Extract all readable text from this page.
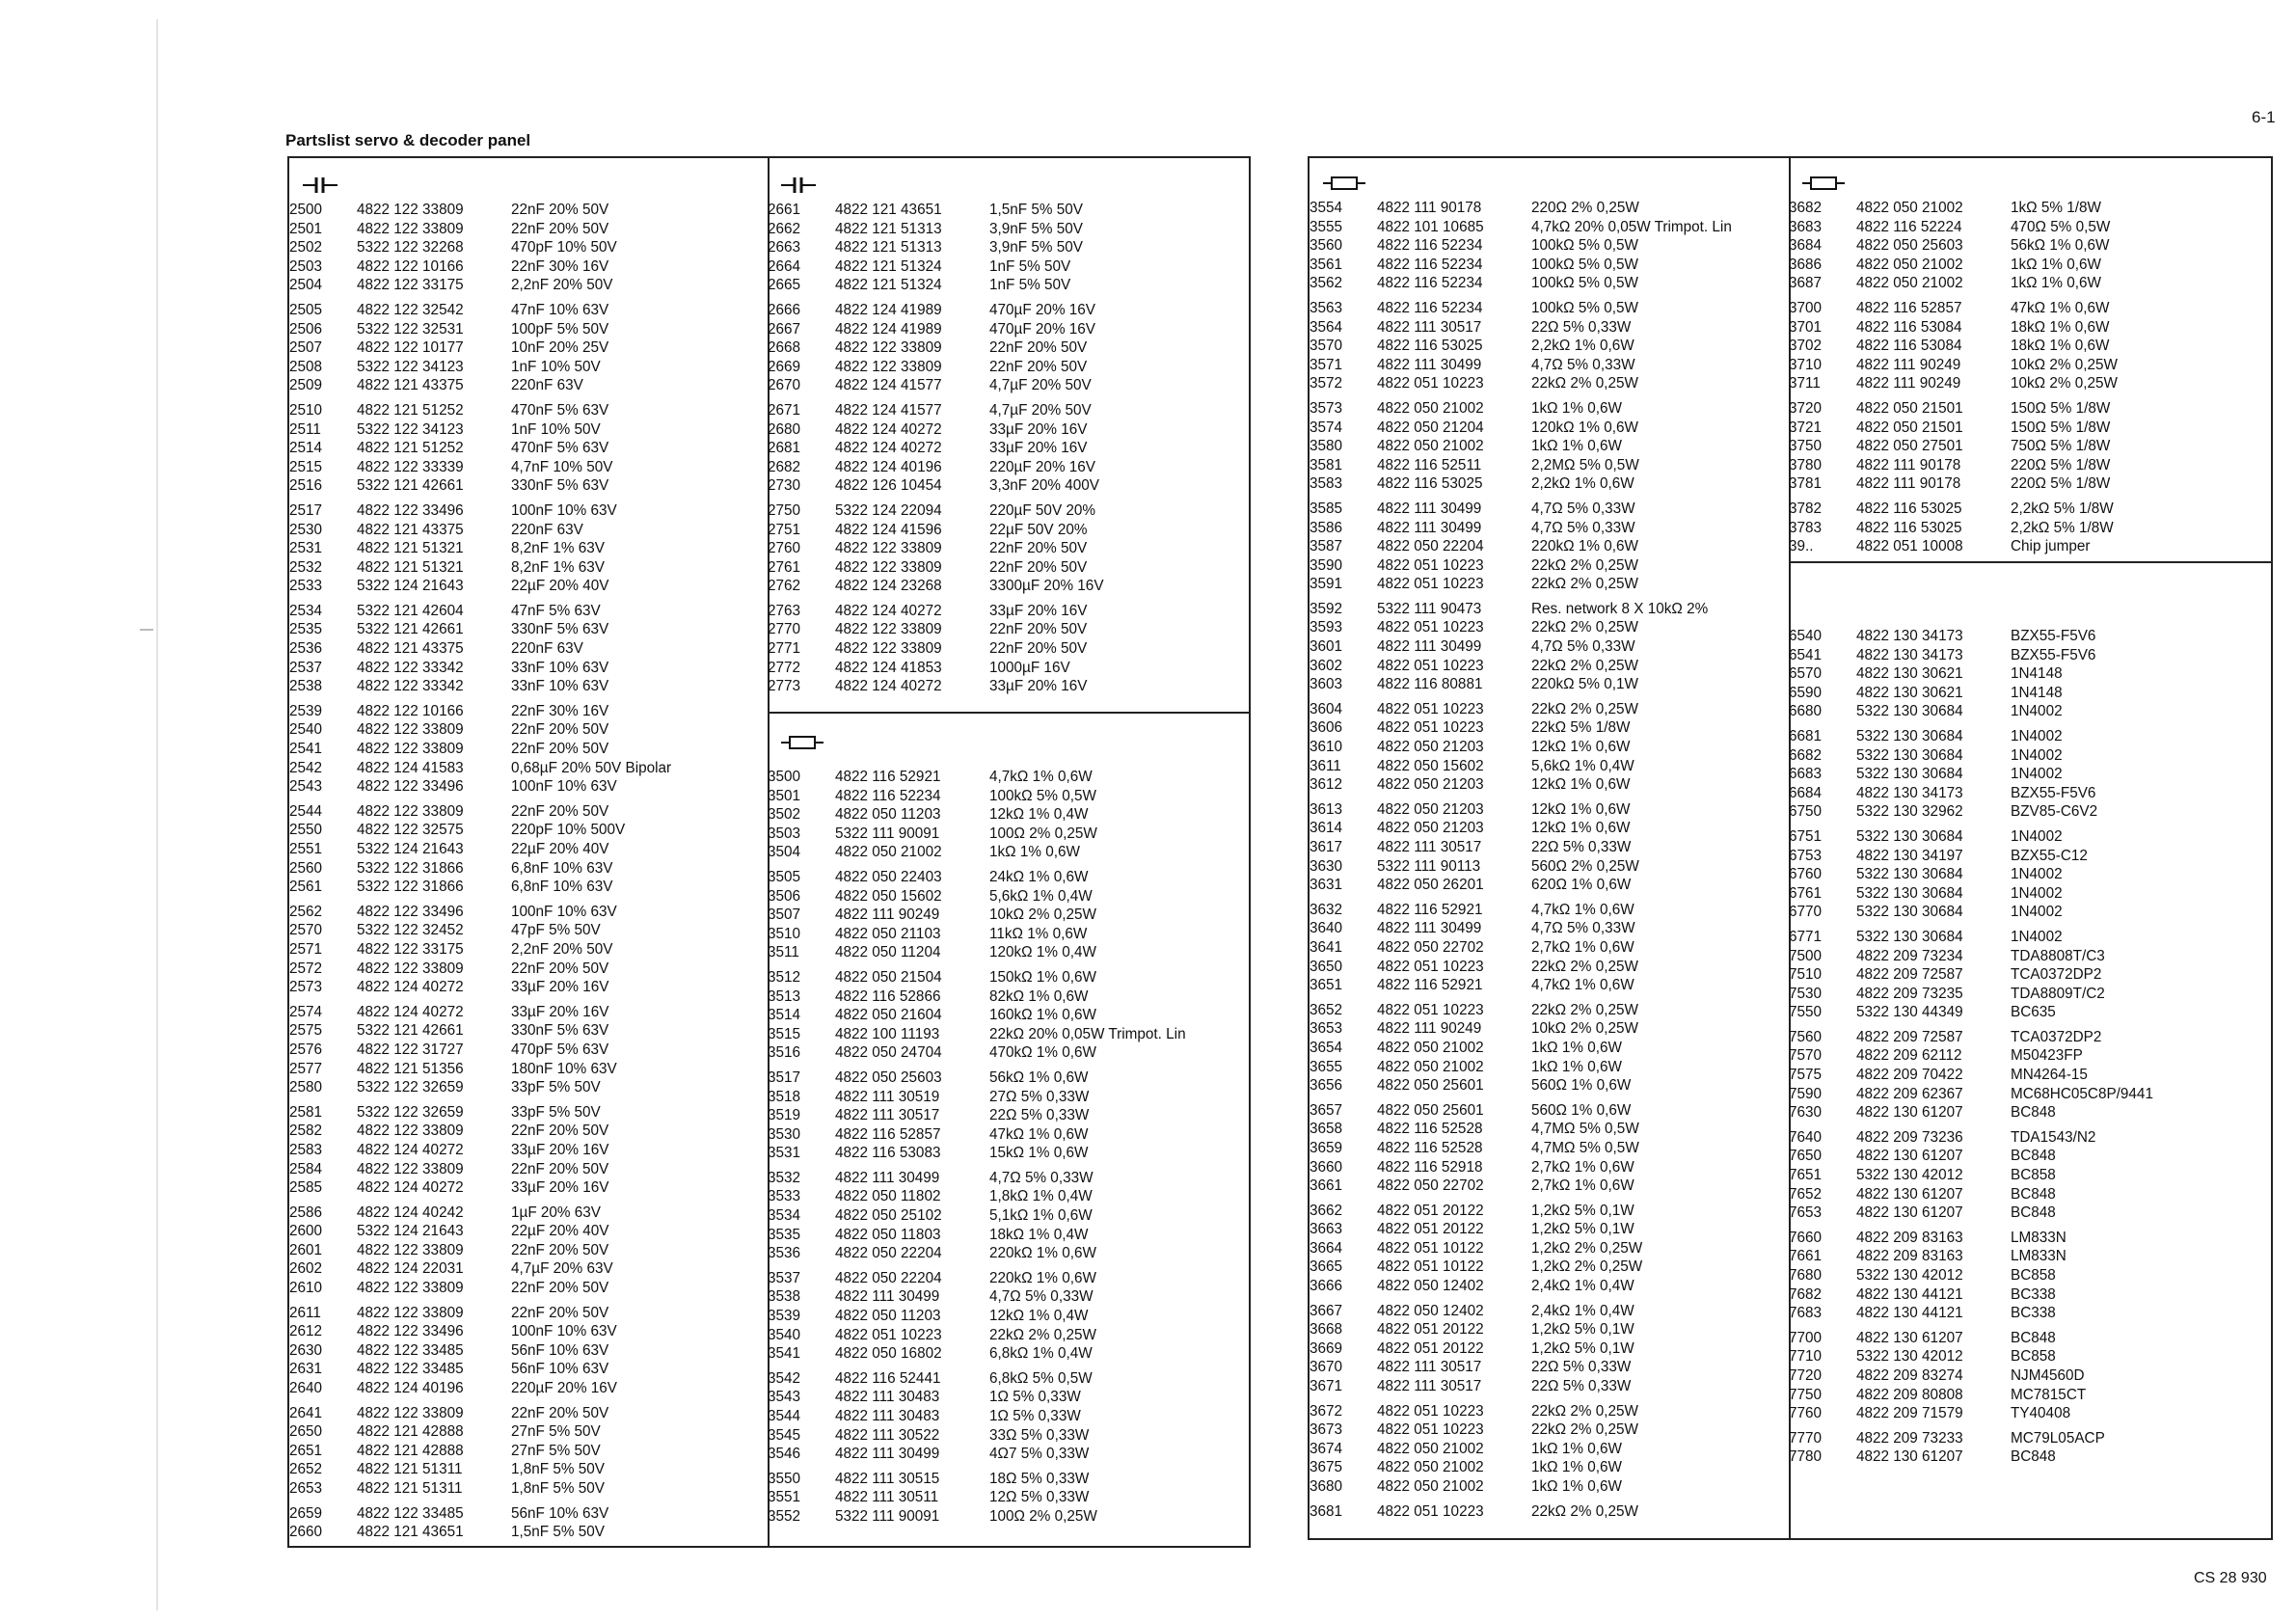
6-1
Partslist servo & decoder panel
CS 28 930
2500	4822 122 33809	22nF 20% 50V
2501	4822 122 33809	22nF 20% 50V
2502	5322 122 32268	470pF 10% 50V
2503	4822 122 10166	22nF 30% 16V
2504	4822 122 33175	2,2nF 20% 50V
2505	4822 122 32542	47nF 10% 63V
2506	5322 122 32531	100pF 5% 50V
2507	4822 122 10177	10nF 20% 25V
2508	5322 122 34123	1nF 10% 50V
2509	4822 121 43375	220nF 63V
2510	4822 121 51252	470nF 5% 63V
2511	5322 122 34123	1nF 10% 50V
2514	4822 121 51252	470nF 5% 63V
2515	4822 122 33339	4,7nF 10% 50V
2516	5322 121 42661	330nF 5% 63V
2517	4822 122 33496	100nF 10% 63V
2530	4822 121 43375	220nF 63V
2531	4822 121 51321	8,2nF 1% 63V
2532	4822 121 51321	8,2nF 1% 63V
2533	5322 124 21643	22µF 20% 40V
2534	5322 121 42604	47nF 5% 63V
2535	5322 121 42661	330nF 5% 63V
2536	4822 121 43375	220nF 63V
2537	4822 122 33342	33nF 10% 63V
2538	4822 122 33342	33nF 10% 63V
2539	4822 122 10166	22nF 30% 16V
2540	4822 122 33809	22nF 20% 50V
2541	4822 122 33809	22nF 20% 50V
2542	4822 124 41583	0,68µF 20% 50V Bipolar
2543	4822 122 33496	100nF 10% 63V
2544	4822 122 33809	22nF 20% 50V
2550	4822 122 32575	220pF 10% 500V
2551	5322 124 21643	22µF 20% 40V
2560	5322 122 31866	6,8nF 10% 63V
2561	5322 122 31866	6,8nF 10% 63V
2562	4822 122 33496	100nF 10% 63V
2570	5322 122 32452	47pF 5% 50V
2571	4822 122 33175	2,2nF 20% 50V
2572	4822 122 33809	22nF 20% 50V
2573	4822 124 40272	33µF 20% 16V
2574	4822 124 40272	33µF 20% 16V
2575	5322 121 42661	330nF 5% 63V
2576	4822 122 31727	470pF 5% 63V
2577	4822 121 51356	180nF 10% 63V
2580	5322 122 32659	33pF 5% 50V
2581	5322 122 32659	33pF 5% 50V
2582	4822 122 33809	22nF 20% 50V
2583	4822 124 40272	33µF 20% 16V
2584	4822 122 33809	22nF 20% 50V
2585	4822 124 40272	33µF 20% 16V
2586	4822 124 40242	1µF 20% 63V
2600	5322 124 21643	22µF 20% 40V
2601	4822 122 33809	22nF 20% 50V
2602	4822 124 22031	4,7µF 20% 63V
2610	4822 122 33809	22nF 20% 50V
2611	4822 122 33809	22nF 20% 50V
2612	4822 122 33496	100nF 10% 63V
2630	4822 122 33485	56nF 10% 63V
2631	4822 122 33485	56nF 10% 63V
2640	4822 124 40196	220µF 20% 16V
2641	4822 122 33809	22nF 20% 50V
2650	4822 121 42888	27nF 5% 50V
2651	4822 121 42888	27nF 5% 50V
2652	4822 121 51311	1,8nF 5% 50V
2653	4822 121 51311	1,8nF 5% 50V
2659	4822 122 33485	56nF 10% 63V
2660	4822 121 43651	1,5nF 5% 50V
2661	4822 121 43651	1,5nF 5% 50V
2662	4822 121 51313	3,9nF 5% 50V
2663	4822 121 51313	3,9nF 5% 50V
2664	4822 121 51324	1nF 5% 50V
2665	4822 121 51324	1nF 5% 50V
2666	4822 124 41989	470µF 20% 16V
2667	4822 124 41989	470µF 20% 16V
2668	4822 122 33809	22nF 20% 50V
2669	4822 122 33809	22nF 20% 50V
2670	4822 124 41577	4,7µF 20% 50V
2671	4822 124 41577	4,7µF 20% 50V
2680	4822 124 40272	33µF 20% 16V
2681	4822 124 40272	33µF 20% 16V
2682	4822 124 40196	220µF 20% 16V
2730	4822 126 10454	3,3nF 20% 400V
2750	5322 124 22094	220µF 50V 20%
2751	4822 124 41596	22µF 50V 20%
2760	4822 122 33809	22nF 20% 50V
2761	4822 122 33809	22nF 20% 50V
2762	4822 124 23268	3300µF 20% 16V
2763	4822 124 40272	33µF 20% 16V
2770	4822 122 33809	22nF 20% 50V
2771	4822 122 33809	22nF 20% 50V
2772	4822 124 41853	1000µF 16V
2773	4822 124 40272	33µF 20% 16V
3500	4822 116 52921	4,7kΩ 1% 0,6W
3501	4822 116 52234	100kΩ 5% 0,5W
3502	4822 050 11203	12kΩ 1% 0,4W
3503	5322 111 90091	100Ω 2% 0,25W
3504	4822 050 21002	1kΩ 1% 0,6W
3505	4822 050 22403	24kΩ 1% 0,6W
3506	4822 050 15602	5,6kΩ 1% 0,4W
3507	4822 111 90249	10kΩ 2% 0,25W
3510	4822 050 21103	11kΩ 1% 0,6W
3511	4822 050 11204	120kΩ 1% 0,4W
3512	4822 050 21504	150kΩ 1% 0,6W
3513	4822 116 52866	82kΩ 1% 0,6W
3514	4822 050 21604	160kΩ 1% 0,6W
3515	4822 100 11193	22kΩ 20% 0,05W Trimpot. Lin
3516	4822 050 24704	470kΩ 1% 0,6W
3517	4822 050 25603	56kΩ 1% 0,6W
3518	4822 111 30519	27Ω 5% 0,33W
3519	4822 111 30517	22Ω 5% 0,33W
3530	4822 116 52857	47kΩ 1% 0,6W
3531	4822 116 53083	15kΩ 1% 0,6W
3532	4822 111 30499	4,7Ω 5% 0,33W
3533	4822 050 11802	1,8kΩ 1% 0,4W
3534	4822 050 25102	5,1kΩ 1% 0,6W
3535	4822 050 11803	18kΩ 1% 0,4W
3536	4822 050 22204	220kΩ 1% 0,6W
3537	4822 050 22204	220kΩ 1% 0,6W
3538	4822 111 30499	4,7Ω 5% 0,33W
3539	4822 050 11203	12kΩ 1% 0,4W
3540	4822 051 10223	22kΩ 2% 0,25W
3541	4822 050 16802	6,8kΩ 1% 0,4W
3542	4822 116 52441	6,8kΩ 5% 0,5W
3543	4822 111 30483	1Ω 5% 0,33W
3544	4822 111 30483	1Ω 5% 0,33W
3545	4822 111 30522	33Ω 5% 0,33W
3546	4822 111 30499	4Ω7 5% 0,33W
3550	4822 111 30515	18Ω 5% 0,33W
3551	4822 111 30511	12Ω 5% 0,33W
3552	5322 111 90091	100Ω 2% 0,25W
3554	4822 111 90178	220Ω 2% 0,25W
3555	4822 101 10685	4,7kΩ 20% 0,05W Trimpot. Lin
3560	4822 116 52234	100kΩ 5% 0,5W
3561	4822 116 52234	100kΩ 5% 0,5W
3562	4822 116 52234	100kΩ 5% 0,5W
3563	4822 116 52234	100kΩ 5% 0,5W
3564	4822 111 30517	22Ω 5% 0,33W
3570	4822 116 53025	2,2kΩ 1% 0,6W
3571	4822 111 30499	4,7Ω 5% 0,33W
3572	4822 051 10223	22kΩ 2% 0,25W
3573	4822 050 21002	1kΩ 1% 0,6W
3574	4822 050 21204	120kΩ 1% 0,6W
3580	4822 050 21002	1kΩ 1% 0,6W
3581	4822 116 52511	2,2MΩ 5% 0,5W
3583	4822 116 53025	2,2kΩ 1% 0,6W
3585	4822 111 30499	4,7Ω 5% 0,33W
3586	4822 111 30499	4,7Ω 5% 0,33W
3587	4822 050 22204	220kΩ 1% 0,6W
3590	4822 051 10223	22kΩ 2% 0,25W
3591	4822 051 10223	22kΩ 2% 0,25W
3592	5322 111 90473	Res. network 8 X 10kΩ 2%
3593	4822 051 10223	22kΩ 2% 0,25W
3601	4822 111 30499	4,7Ω 5% 0,33W
3602	4822 051 10223	22kΩ 2% 0,25W
3603	4822 116 80881	220kΩ 5% 0,1W
3604	4822 051 10223	22kΩ 2% 0,25W
3606	4822 051 10223	22kΩ 5% 1/8W
3610	4822 050 21203	12kΩ 1% 0,6W
3611	4822 050 15602	5,6kΩ 1% 0,4W
3612	4822 050 21203	12kΩ 1% 0,6W
3613	4822 050 21203	12kΩ 1% 0,6W
3614	4822 050 21203	12kΩ 1% 0,6W
3617	4822 111 30517	22Ω 5% 0,33W
3630	5322 111 90113	560Ω 2% 0,25W
3631	4822 050 26201	620Ω 1% 0,6W
3632	4822 116 52921	4,7kΩ 1% 0,6W
3640	4822 111 30499	4,7Ω 5% 0,33W
3641	4822 050 22702	2,7kΩ 1% 0,6W
3650	4822 051 10223	22kΩ 2% 0,25W
3651	4822 116 52921	4,7kΩ 1% 0,6W
3652	4822 051 10223	22kΩ 2% 0,25W
3653	4822 111 90249	10kΩ 2% 0,25W
3654	4822 050 21002	1kΩ 1% 0,6W
3655	4822 050 21002	1kΩ 1% 0,6W
3656	4822 050 25601	560Ω 1% 0,6W
3657	4822 050 25601	560Ω 1% 0,6W
3658	4822 116 52528	4,7MΩ 5% 0,5W
3659	4822 116 52528	4,7MΩ 5% 0,5W
3660	4822 116 52918	2,7kΩ 1% 0,6W
3661	4822 050 22702	2,7kΩ 1% 0,6W
3662	4822 051 20122	1,2kΩ 5% 0,1W
3663	4822 051 20122	1,2kΩ 5% 0,1W
3664	4822 051 10122	1,2kΩ 2% 0,25W
3665	4822 051 10122	1,2kΩ 2% 0,25W
3666	4822 050 12402	2,4kΩ 1% 0,4W
3667	4822 050 12402	2,4kΩ 1% 0,4W
3668	4822 051 20122	1,2kΩ 5% 0,1W
3669	4822 051 20122	1,2kΩ 5% 0,1W
3670	4822 111 30517	22Ω 5% 0,33W
3671	4822 111 30517	22Ω 5% 0,33W
3672	4822 051 10223	22kΩ 2% 0,25W
3673	4822 051 10223	22kΩ 2% 0,25W
3674	4822 050 21002	1kΩ 1% 0,6W
3675	4822 050 21002	1kΩ 1% 0,6W
3680	4822 050 21002	1kΩ 1% 0,6W
3681	4822 051 10223	22kΩ 2% 0,25W
3682	4822 050 21002	1kΩ 5% 1/8W
3683	4822 116 52224	470Ω 5% 0,5W
3684	4822 050 25603	56kΩ 1% 0,6W
3686	4822 050 21002	1kΩ 1% 0,6W
3687	4822 050 21002	1kΩ 1% 0,6W
3700	4822 116 52857	47kΩ 1% 0,6W
3701	4822 116 53084	18kΩ 1% 0,6W
3702	4822 116 53084	18kΩ 1% 0,6W
3710	4822 111 90249	10kΩ 2% 0,25W
3711	4822 111 90249	10kΩ 2% 0,25W
3720	4822 050 21501	150Ω 5% 1/8W
3721	4822 050 21501	150Ω 5% 1/8W
3750	4822 050 27501	750Ω 5% 1/8W
3780	4822 111 90178	220Ω 5% 1/8W
3781	4822 111 90178	220Ω 5% 1/8W
3782	4822 116 53025	2,2kΩ 5% 1/8W
3783	4822 116 53025	2,2kΩ 5% 1/8W
39..	4822 051 10008	Chip jumper
6540	4822 130 34173	BZX55-F5V6
6541	4822 130 34173	BZX55-F5V6
6570	4822 130 30621	1N4148
6590	4822 130 30621	1N4148
6680	5322 130 30684	1N4002
6681	5322 130 30684	1N4002
6682	5322 130 30684	1N4002
6683	5322 130 30684	1N4002
6684	4822 130 34173	BZX55-F5V6
6750	5322 130 32962	BZV85-C6V2
6751	5322 130 30684	1N4002
6753	4822 130 34197	BZX55-C12
6760	5322 130 30684	1N4002
6761	5322 130 30684	1N4002
6770	5322 130 30684	1N4002
6771	5322 130 30684	1N4002
7500	4822 209 73234	TDA8808T/C3
7510	4822 209 72587	TCA0372DP2
7530	4822 209 73235	TDA8809T/C2
7550	5322 130 44349	BC635
7560	4822 209 72587	TCA0372DP2
7570	4822 209 62112	M50423FP
7575	4822 209 70422	MN4264-15
7590	4822 209 62367	MC68HC05C8P/9441
7630	4822 130 61207	BC848
7640	4822 209 73236	TDA1543/N2
7650	4822 130 61207	BC848
7651	5322 130 42012	BC858
7652	4822 130 61207	BC848
7653	4822 130 61207	BC848
7660	4822 209 83163	LM833N
7661	4822 209 83163	LM833N
7680	5322 130 42012	BC858
7682	4822 130 44121	BC338
7683	4822 130 44121	BC338
7700	4822 130 61207	BC848
7710	5322 130 42012	BC858
7720	4822 209 83274	NJM4560D
7750	4822 209 80808	MC7815CT
7760	4822 209 71579	TY40408
7770	4822 209 73233	MC79L05ACP
7780	4822 130 61207	BC848
